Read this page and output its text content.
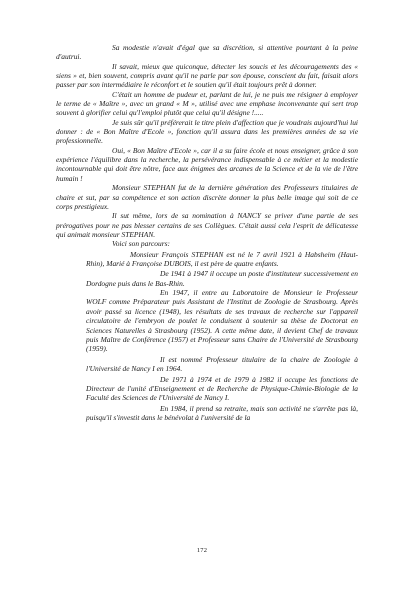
Sa modestie n'avait d'égal que sa discrétion, si attentive pourtant à la peine d'autrui.

Il savait, mieux que quiconque, détecter les soucis et les découragements des « siens » et, bien souvent, compris avant qu'il ne parle par son épouse, conscient du fait, faisait alors passer par son intermédiaire le réconfort et le soutien qu'il était toujours prêt à donner.

C'était un homme de pudeur et, parlant de lui, je ne puis me résigner à employer le terme de « Maître », avec un grand « M », utilisé avec une emphase inconvenante qui sert trop souvent à glorifier celui qu'l'emploi plutôt que celui qu'il désigne !.....

Je suis sûr qu'il préférerait le titre plein d'affection que je voudrais aujourd'hui lui donner : de « Bon Maître d'Ecole », fonction qu'il assura dans les premières années de sa vie professionnelle.

Oui, « Bon Maître d'Ecole », car il a su faire école et nous enseigner, grâce à son expérience l'équilibre dans la recherche, la persévérance indispensable à ce métier et la modestie incontournable qui doit être nôtre, face aux énigmes des arcanes de la Science et de la vie de l'être humain !

Monsieur STEPHAN fut de la dernière génération des Professeurs titulaires de chaire et sut, par sa compétence et son action discrète donner la plus belle image qui soit de ce corps prestigieux.

Il sut même, lors de sa nomination à NANCY se priver d'une partie de ses prérogatives pour ne pas blesser certains de ses Collègues. C'était aussi cela l'esprit de délicatesse qui animait monsieur STEPHAN.

Voici son parcours:

Monsieur François STEPHAN est né le 7 avril 1921 à Habsheim (Haut-Rhin), Marié à Françoise DUBOIS, il est père de quatre enfants.

De 1941 à 1947 il occupe un poste d'instituteur successivement en Dordogne puis dans le Bas-Rhin.

En 1947, il entre au Laboratoire de Monsieur le Professeur WOLF comme Préparateur puis Assistant de l'Institut de Zoologie de Strasbourg. Après avoir passé sa licence (1948), les résultats de ses travaux de recherche sur l'appareil circulatoire de l'embryon de poulet le conduisent à soutenir sa thèse de Doctorat en Sciences Naturelles à Strasbourg (1952). A cette même date, il devient Chef de travaux puis Maître de Conférence (1957) et Professeur sans Chaire de l'Université de Strasbourg (1959).

Il est nommé Professeur titulaire de la chaire de Zoologie à l'Université de Nancy I en 1964.

De 1971 à 1974 et de 1979 à 1982 il occupe les fonctions de Directeur de l'unité d'Enseignement et de Recherche de Physique-Chimie-Biologie de la Faculté des Sciences de l'Université de Nancy I.

En 1984, il prend sa retraite, mais son activité ne s'arrête pas là, puisqu'il s'investit dans le bénévolat à l'université de la

172
